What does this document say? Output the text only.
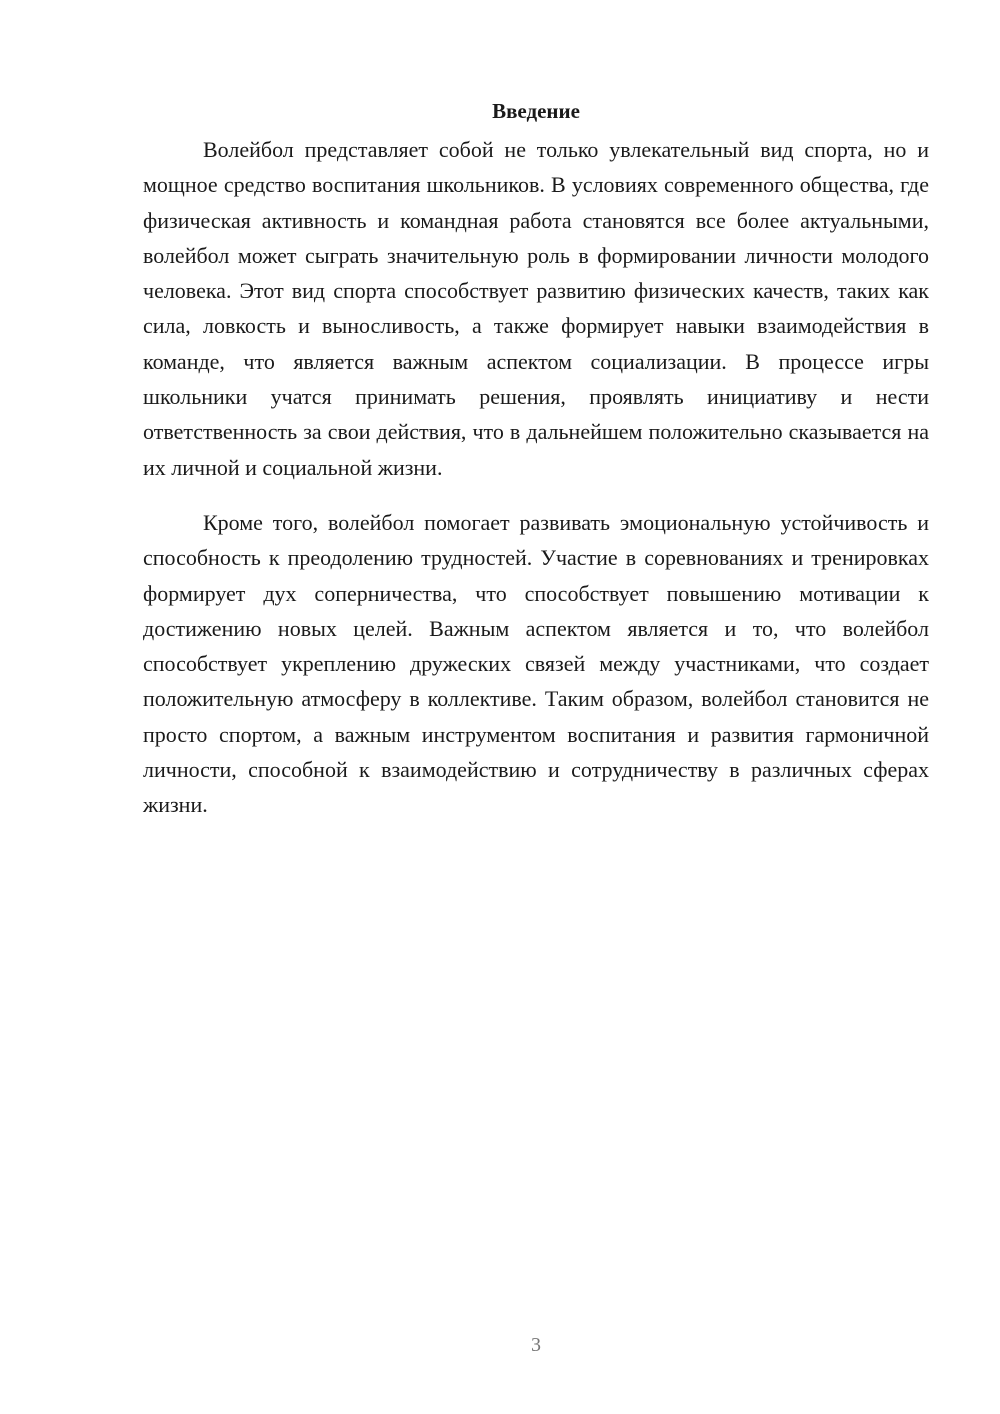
Введение

Волейбол представляет собой не только увлекательный вид спорта, но и мощное средство воспитания школьников. В условиях современного общества, где физическая активность и командная работа становятся все более актуальными, волейбол может сыграть значительную роль в формировании личности молодого человека. Этот вид спорта способствует развитию физических качеств, таких как сила, ловкость и выносливость, а также формирует навыки взаимодействия в команде, что является важным аспектом социализации. В процессе игры школьники учатся принимать решения, проявлять инициативу и нести ответственность за свои действия, что в дальнейшем положительно сказывается на их личной и социальной жизни.

Кроме того, волейбол помогает развивать эмоциональную устойчивость и способность к преодолению трудностей. Участие в соревнованиях и тренировках формирует дух соперничества, что способствует повышению мотивации к достижению новых целей. Важным аспектом является и то, что волейбол способствует укреплению дружеских связей между участниками, что создает положительную атмосферу в коллективе. Таким образом, волейбол становится не просто спортом, а важным инструментом воспитания и развития гармоничной личности, способной к взаимодействию и сотрудничеству в различных сферах жизни.

3
